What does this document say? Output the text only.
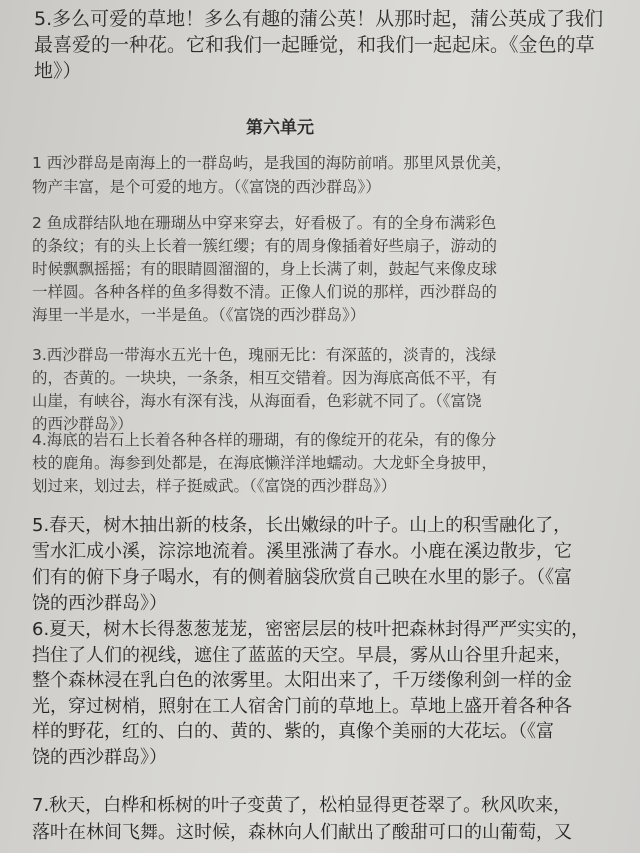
5.多么可爱的草地！多么有趣的蒲公英！从那时起，蒲公英成了我们
最喜爱的一种花。它和我们一起睡觉，和我们一起起床。《金色的草
地》）

第六单元

1 西沙群岛是南海上的一群岛屿，是我国的海防前哨。那里风景优美，
物产丰富，是个可爱的地方。（《富饶的西沙群岛》）

2 鱼成群结队地在珊瑚丛中穿来穿去，好看极了。有的全身布满彩色
的条纹；有的头上长着一簇红缨；有的周身像插着好些扇子，游动的
时候飘飘摇摇；有的眼睛圆溜溜的，身上长满了刺，鼓起气来像皮球
一样圆。各种各样的鱼多得数不清。正像人们说的那样，西沙群岛的
海里一半是水，一半是鱼。（《富饶的西沙群岛》）

3.西沙群岛一带海水五光十色，瑰丽无比：有深蓝的，淡青的，浅绿
的，杏黄的。一块块，一条条，相互交错着。因为海底高低不平，有
山崖，有峡谷，海水有深有浅，从海面看，色彩就不同了。（《富饶
的西沙群岛》）

4.海底的岩石上长着各种各样的珊瑚，有的像绽开的花朵，有的像分
枝的鹿角。海参到处都是，在海底懒洋洋地蠕动。大龙虾全身披甲，
划过来，划过去，样子挺威武。（《富饶的西沙群岛》）

5.春天，树木抽出新的枝条，长出嫩绿的叶子。山上的积雪融化了，
雪水汇成小溪，淙淙地流着。溪里涨满了春水。小鹿在溪边散步，它
们有的俯下身子喝水，有的侧着脑袋欣赏自己映在水里的影子。（《富
饶的西沙群岛》）

6.夏天，树木长得葱葱茏茏，密密层层的枝叶把森林封得严严实实的，
挡住了人们的视线，遮住了蓝蓝的天空。早晨，雾从山谷里升起来，
整个森林浸在乳白色的浓雾里。太阳出来了，千万缕像利剑一样的金
光，穿过树梢，照射在工人宿舍门前的草地上。草地上盛开着各种各
样的野花，红的、白的、黄的、紫的，真像个美丽的大花坛。（《富
饶的西沙群岛》）

7.秋天，白桦和栎树的叶子变黄了，松柏显得更苍翠了。秋风吹来，
落叶在林间飞舞。这时候，森林向人们献出了酸甜可口的山葡萄，又
